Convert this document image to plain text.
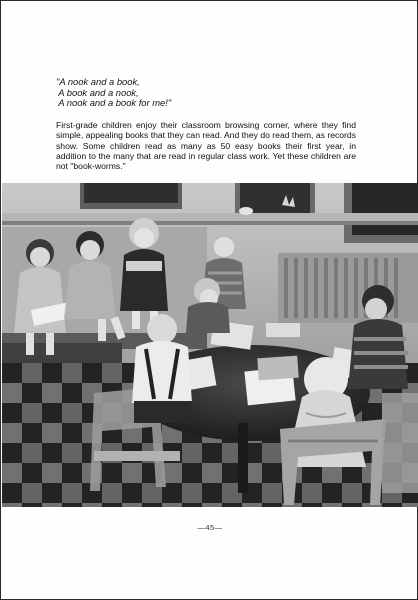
"A nook and a book,
A book and a nook,
A nook and a book for me!"
First-grade children enjoy their classroom browsing corner, where they find simple, appealing books that they can read. And they do read them, as records show. Some children read as many as 50 easy books their first year, in addition to the many that are read in regular class work. Yet these children are not "book-worms."
—45—
